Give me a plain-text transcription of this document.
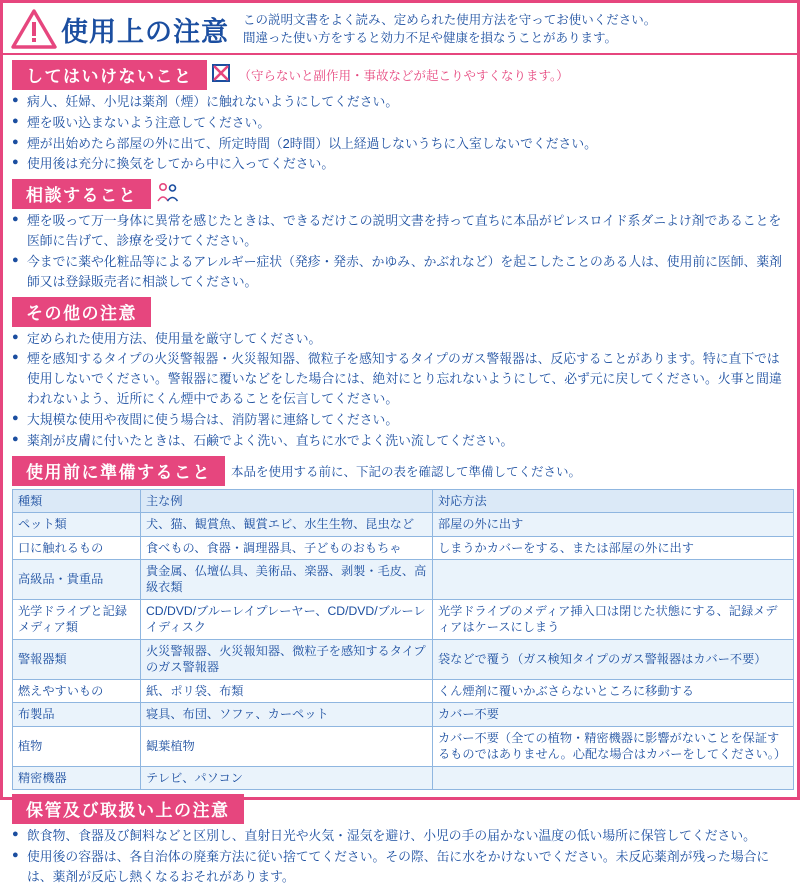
使用上の注意 この説明文書をよく読み、定められた使用方法を守ってお使いください。
間違った使い方をすると効力不足や健康を損なうことがあります。
してはいけないこと	（守らないと副作用・事故などが起こりやすくなります。）
● 病人、妊婦、小児は薬剤（煙）に触れないようにしてください。
● 煙を吸い込まないよう注意してください。
● 煙が出始めたら部屋の外に出て、所定時間（2時間）以上経過しないうちに入室しないでください。
● 使用後は充分に換気をしてから中に入ってください。
相談すること
● 煙を吸って万一身体に異常を感じたときは、できるだけこの説明文書を持って直ちに本品がピレスロイド系ダニよけ剤であることを医師に告げて、診療を受けてください。
● 今までに薬や化粧品等によるアレルギー症状（発疹・発赤、かゆみ、かぶれなど）を起こしたことのある人は、使用前に医師、薬剤師又は登録販売者に相談してください。
その他の注意
● 定められた使用方法、使用量を厳守してください。
● 煙を感知するタイプの火災警報器・火災報知器、微粒子を感知するタイプのガス警報器は、反応することがあります。特に直下では使用しないでください。警報器に覆いなどをした場合には、絶対にとり忘れないようにして、必ず元に戻してください。火事と間違われないよう、近所にくん煙中であることを伝言してください。
● 大規模な使用や夜間に使う場合は、消防署に連絡してください。
● 薬剤が皮膚に付いたときは、石鹸でよく洗い、直ちに水でよく洗い流してください。
使用前に準備すること	本品を使用する前に、下記の表を確認して準備してください。
種類	主な例	対応方法
ペット類	犬、猫、観賞魚、観賞エビ、水生生物、昆虫など	部屋の外に出す
口に触れるもの	食べもの、食器・調理器具、子どものおもちゃ	しまうかカバーをする、または部屋の外に出す
高級品・貴重品	貴金属、仏壇仏具、美術品、楽器、剥製・毛皮、高級衣類	
光学ドライブと記録メディア類	CD/DVD/ブルーレイプレーヤー、CD/DVD/ブルーレイディスク	光学ドライブのメディア挿入口は閉じた状態にする、記録メディアはケースにしまう
警報器類	火災警報器、火災報知器、微粒子を感知するタイプのガス警報器	袋などで覆う（ガス検知タイプのガス警報器はカバー不要）
燃えやすいもの	紙、ポリ袋、布類	くん煙剤に覆いかぶさらないところに移動する
布製品	寝具、布団、ソファ、カーペット	カバー不要
植物	観葉植物	カバー不要（全ての植物・精密機器に影響がないことを保証するものではありません。心配な場合はカバーをしてください。）
精密機器	テレビ、パソコン	
保管及び取扱い上の注意
● 飲食物、食器及び飼料などと区別し、直射日光や火気・湿気を避け、小児の手の届かない温度の低い場所に保管してください。
● 使用後の容器は、各自治体の廃棄方法に従い捨ててください。その際、缶に水をかけないでください。未反応薬剤が残った場合には、薬剤が反応し熱くなるおそれがあります。
